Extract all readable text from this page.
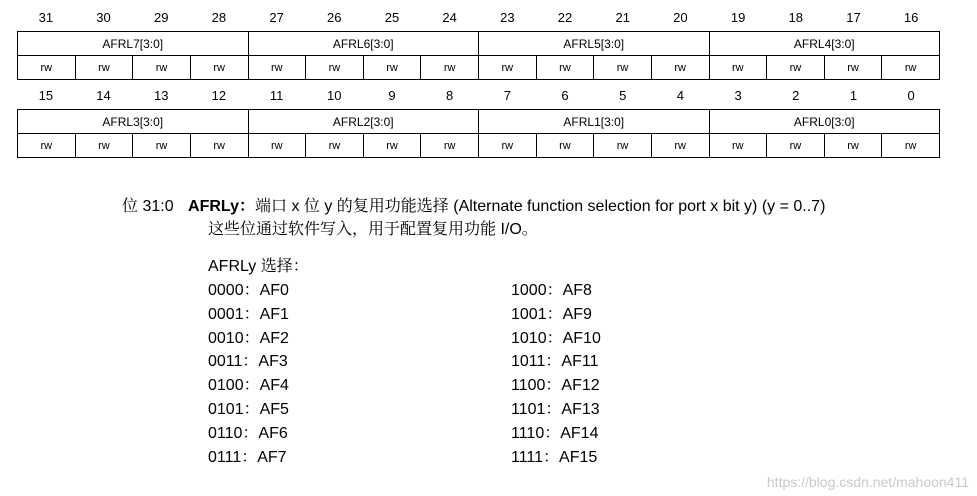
31	30	29	28	27	26	25	24	23	22	21	20	19	18	17	16
AFRL7[3:0]				AFRL6[3:0]				AFRL5[3:0]				AFRL4[3:0]			
rw	rw	rw	rw	rw	rw	rw	rw	rw	rw	rw	rw	rw	rw	rw	rw
15	14	13	12	11	10	9	8	7	6	5	4	3	2	1	0
AFRL3[3:0]				AFRL2[3:0]				AFRL1[3:0]				AFRL0[3:0]			
rw	rw	rw	rw	rw	rw	rw	rw	rw	rw	rw	rw	rw	rw	rw	rw
位 31:0 AFRLy：端口 x 位 y 的复用功能选择 (Alternate function selection for port x bit y) (y = 0..7)
这些位通过软件写入，用于配置复用功能 I/O。
AFRLy 选择：
0000：AF0
0001：AF1
0010：AF2
0011：AF3
0100：AF4
0101：AF5
0110：AF6
0111：AF7
1000：AF8
1001：AF9
1010：AF10
1011：AF11
1100：AF12
1101：AF13
1110：AF14
1111：AF15
https://blog.csdn.net/mahoon411
